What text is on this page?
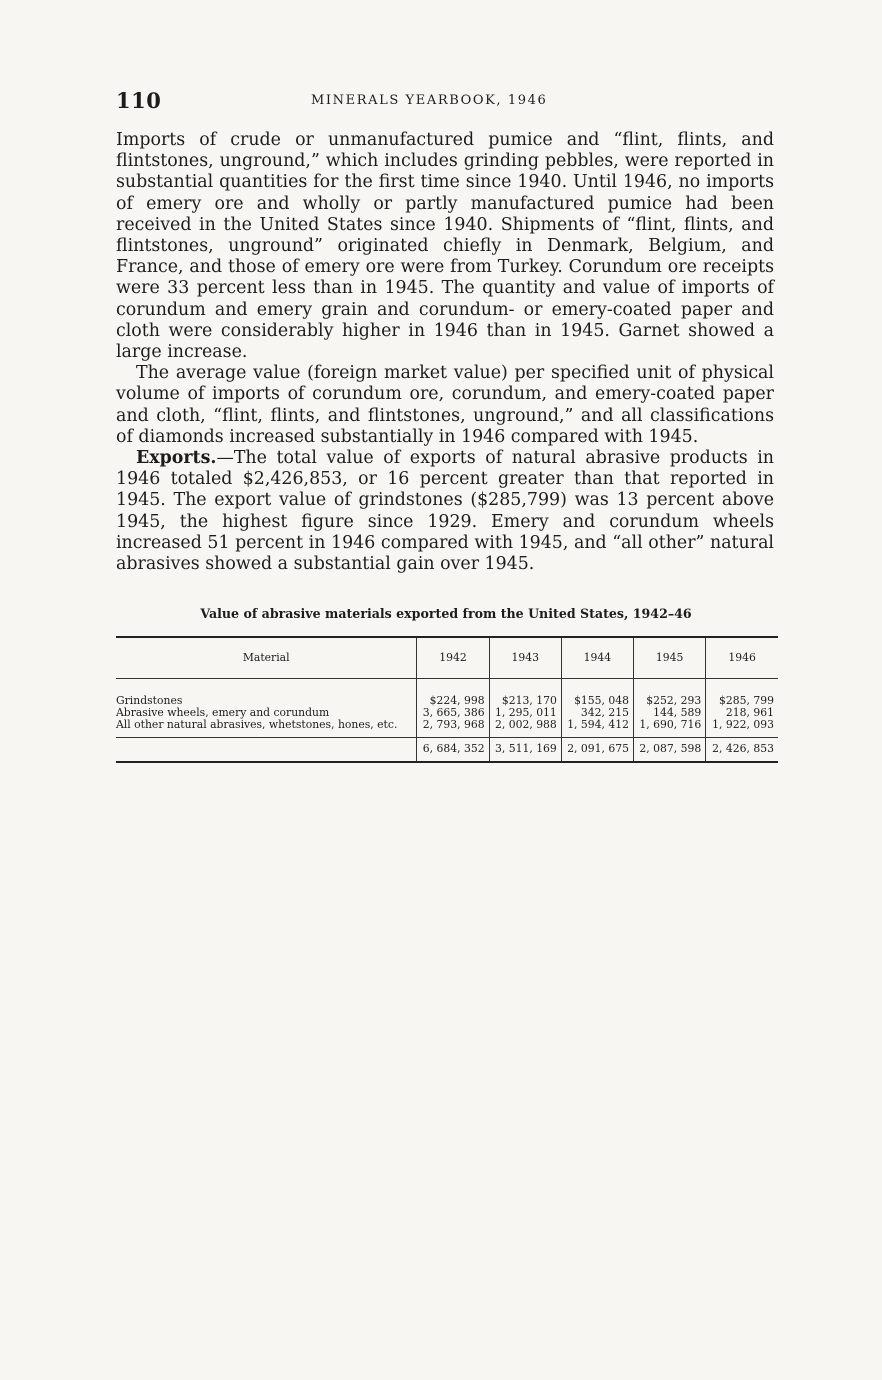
110	MINERALS YEARBOOK, 1946

Imports of crude or unmanufactured pumice and “flint, flints, and flintstones, unground,” which includes grinding pebbles, were reported in substantial quantities for the first time since 1940. Until 1946, no imports of emery ore and wholly or partly manufactured pumice had been received in the United States since 1940. Shipments of “flint, flints, and flintstones, unground” originated chiefly in Denmark, Belgium, and France, and those of emery ore were from Turkey. Corundum ore receipts were 33 percent less than in 1945. The quantity and value of imports of corundum and emery grain and corundum- or emery-coated paper and cloth were considerably higher in 1946 than in 1945. Garnet showed a large increase.

The average value (foreign market value) per specified unit of physical volume of imports of corundum ore, corundum, and emery-coated paper and cloth, “flint, flints, and flintstones, unground,” and all classifications of diamonds increased substantially in 1946 compared with 1945.

Exports.—The total value of exports of natural abrasive products in 1946 totaled $2,426,853, or 16 percent greater than that reported in 1945. The export value of grindstones ($285,799) was 13 percent above 1945, the highest figure since 1929. Emery and corundum wheels increased 51 percent in 1946 compared with 1945, and “all other” natural abrasives showed a substantial gain over 1945.

Value of abrasive materials exported from the United States, 1942–46
Material	1942	1943	1944	1945	1946
Grindstones	$224, 998	$213, 170	$155, 048	$252, 293	$285, 799
Abrasive wheels, emery and corundum	3, 665, 386	1, 295, 011	342, 215	144, 589	218, 961
All other natural abrasives, whetstones, hones, etc.	2, 793, 968	2, 002, 988	1, 594, 412	1, 690, 716	1, 922, 093
	6, 684, 352	3, 511, 169	2, 091, 675	2, 087, 598	2, 426, 853
